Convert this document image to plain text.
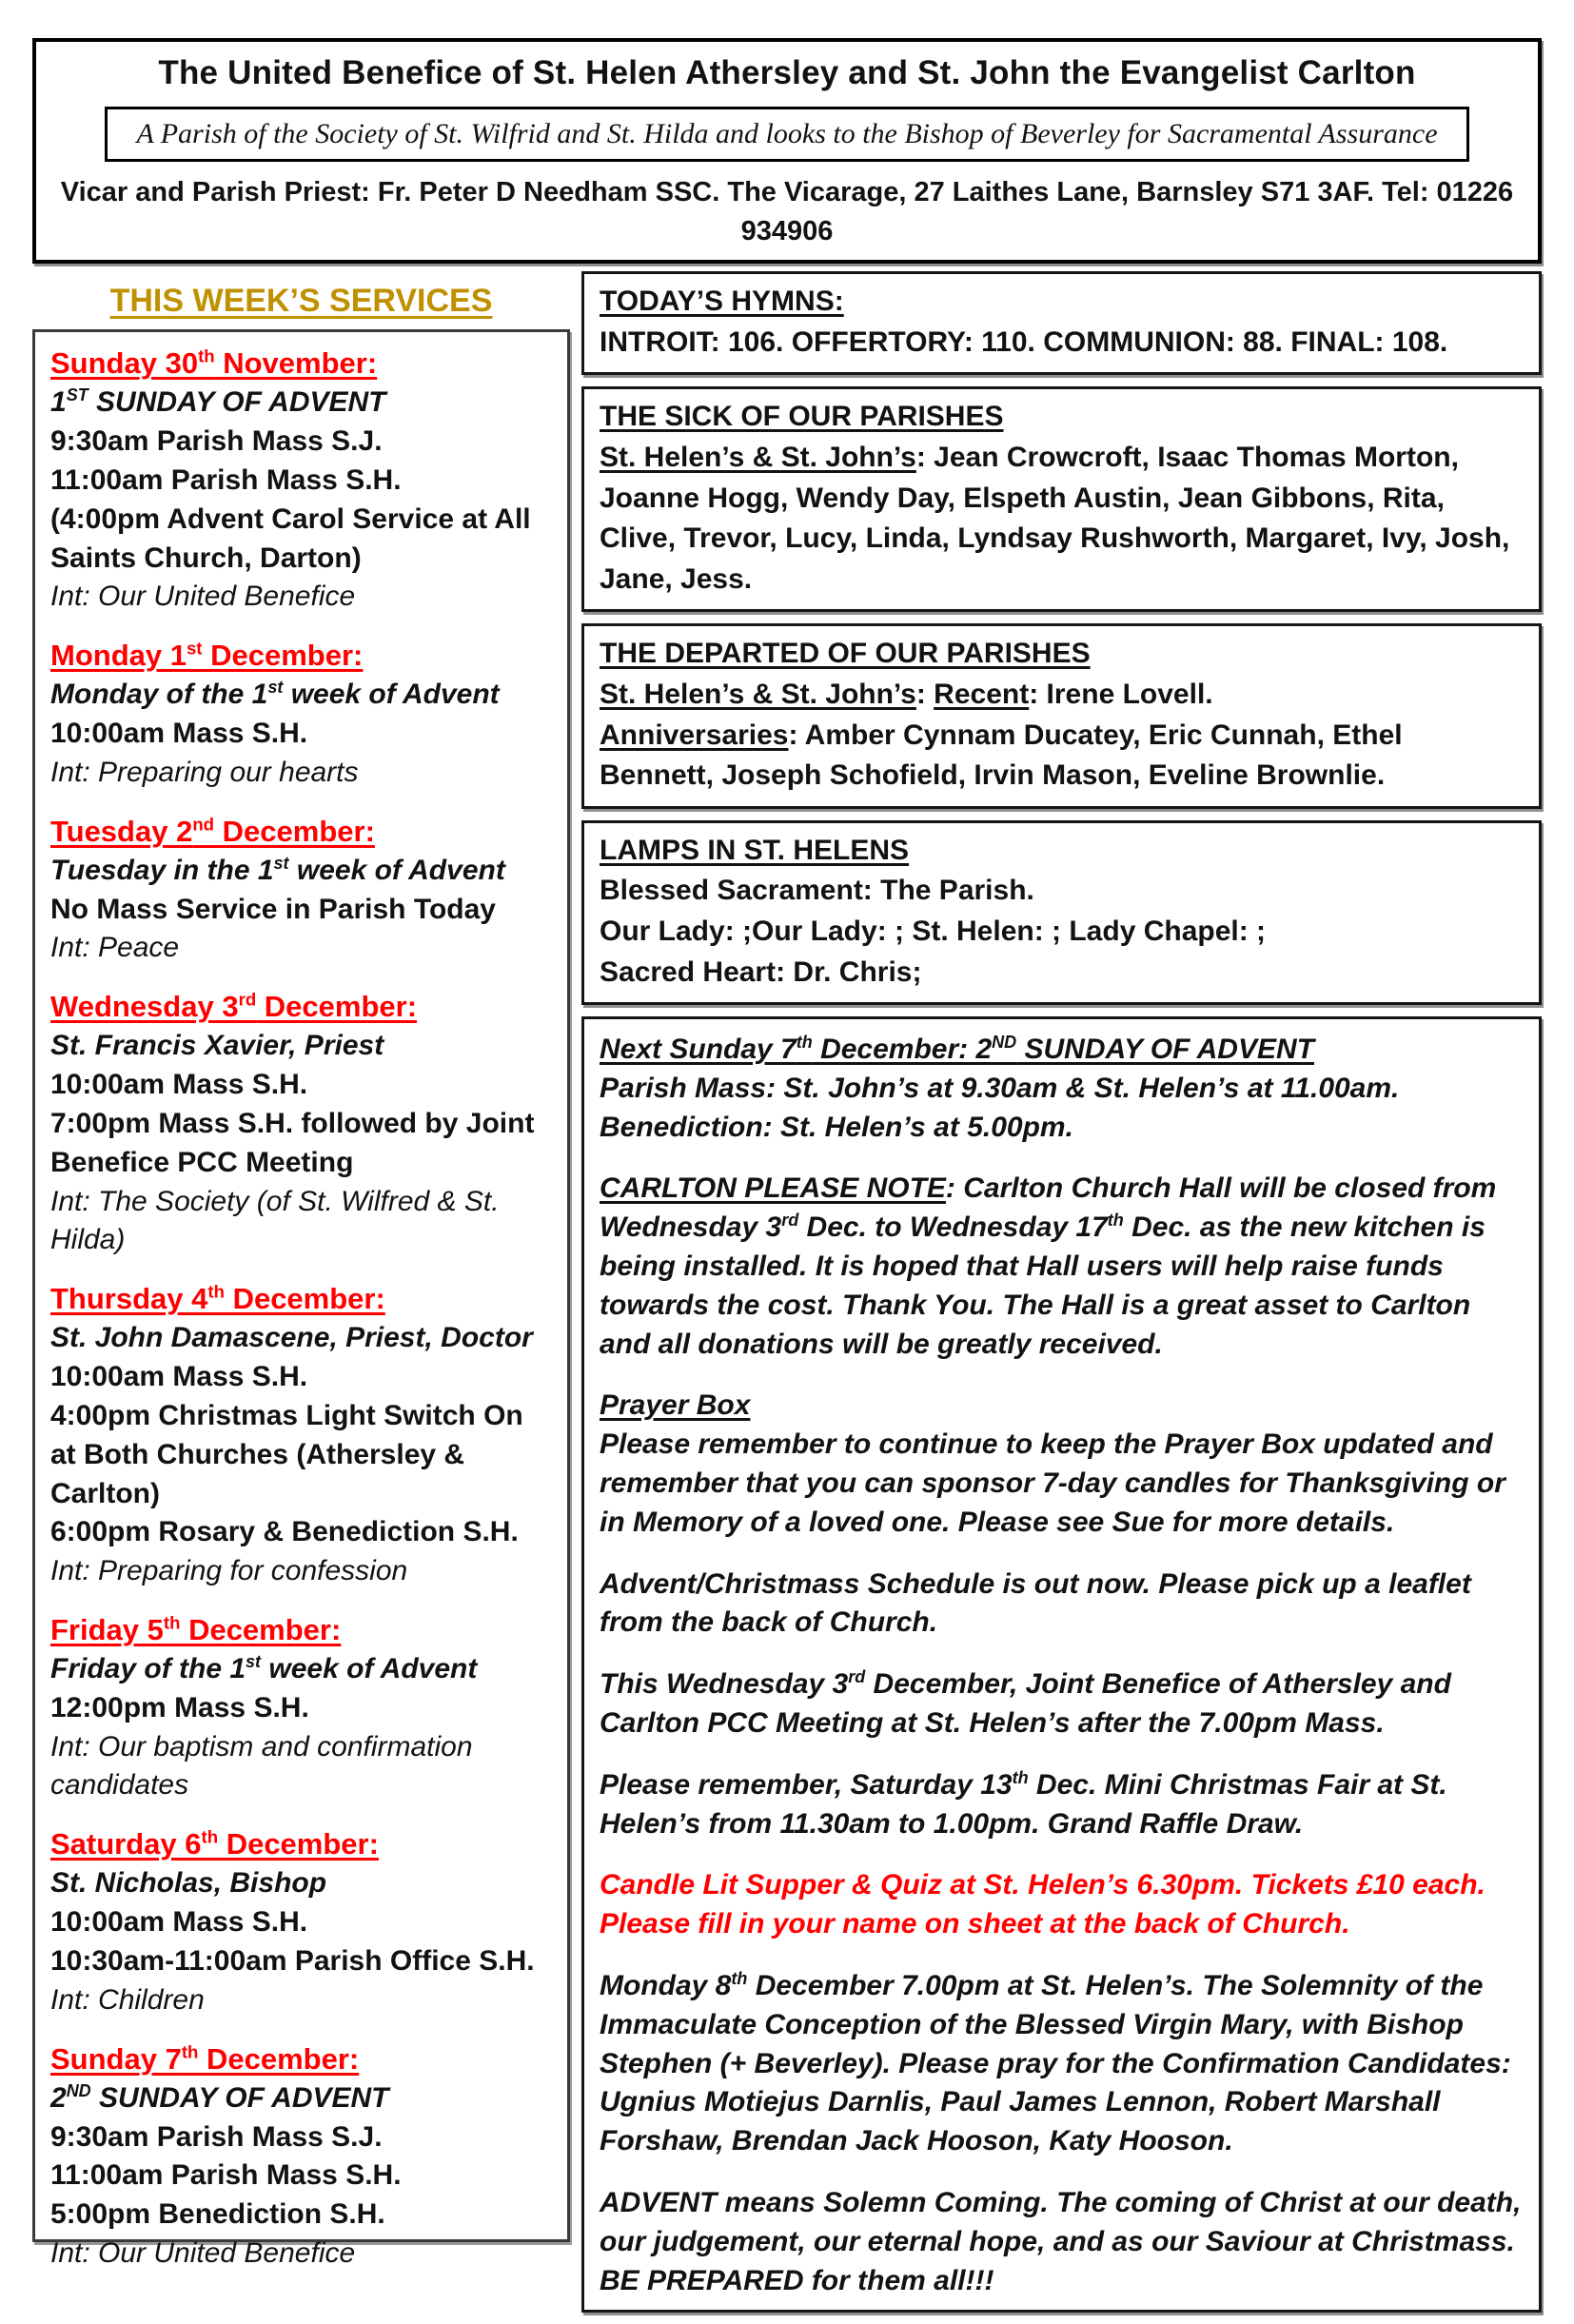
The United Benefice of St. Helen Athersley and St. John the Evangelist Carlton
A Parish of the Society of St. Wilfrid and St. Hilda and looks to the Bishop of Beverley for Sacramental Assurance
Vicar and Parish Priest: Fr. Peter D Needham SSC. The Vicarage, 27 Laithes Lane, Barnsley S71 3AF. Tel: 01226 934906
THIS WEEK’S SERVICES
Sunday 30th November:
1ST SUNDAY OF ADVENT
9:30am Parish Mass S.J.
11:00am Parish Mass S.H.
(4:00pm Advent Carol Service at All Saints Church, Darton)
Int: Our United Benefice
Monday 1st December:
Monday of the 1st week of Advent
10:00am Mass S.H.
Int: Preparing our hearts
Tuesday 2nd December:
Tuesday in the 1st week of Advent
No Mass Service in Parish Today
Int: Peace
Wednesday 3rd December:
St. Francis Xavier, Priest
10:00am Mass S.H.
7:00pm Mass S.H. followed by Joint Benefice PCC Meeting
Int: The Society (of St. Wilfred & St. Hilda)
Thursday 4th December:
St. John Damascene, Priest, Doctor
10:00am Mass S.H.
4:00pm Christmas Light Switch On at Both Churches (Athersley & Carlton)
6:00pm Rosary & Benediction S.H.
Int: Preparing for confession
Friday 5th December:
Friday of the 1st week of Advent
12:00pm Mass S.H.
Int: Our baptism and confirmation candidates
Saturday 6th December:
St. Nicholas, Bishop
10:00am Mass S.H.
10:30am-11:00am Parish Office S.H.
Int: Children
Sunday 7th December:
2ND SUNDAY OF ADVENT
9:30am Parish Mass S.J.
11:00am Parish Mass S.H.
5:00pm Benediction S.H.
Int: Our United Benefice
TODAY’S HYMNS:
INTROIT: 106. OFFERTORY: 110. COMMUNION: 88. FINAL: 108.
THE SICK OF OUR PARISHES
St. Helen’s & St. John’s: Jean Crowcroft, Isaac Thomas Morton, Joanne Hogg, Wendy Day, Elspeth Austin, Jean Gibbons, Rita, Clive, Trevor, Lucy, Linda, Lyndsay Rushworth, Margaret, Ivy, Josh, Jane, Jess.
THE DEPARTED OF OUR PARISHES
St. Helen’s & St. John’s: Recent: Irene Lovell.
Anniversaries: Amber Cynnam Ducatey, Eric Cunnah, Ethel Bennett, Joseph Schofield, Irvin Mason, Eveline Brownlie.
LAMPS IN ST. HELENS
Blessed Sacrament: The Parish.
Our Lady: ;Our Lady: ; St. Helen: ; Lady Chapel: ;
Sacred Heart: Dr. Chris;
Next Sunday 7th December: 2ND SUNDAY OF ADVENT
Parish Mass: St. John’s at 9.30am & St. Helen’s at 11.00am.
Benediction: St. Helen’s at 5.00pm.
CARLTON PLEASE NOTE: Carlton Church Hall will be closed from Wednesday 3rd Dec. to Wednesday 17th Dec. as the new kitchen is being installed. It is hoped that Hall users will help raise funds towards the cost. Thank You. The Hall is a great asset to Carlton and all donations will be greatly received.
Prayer Box
Please remember to continue to keep the Prayer Box updated and remember that you can sponsor 7-day candles for Thanksgiving or in Memory of a loved one. Please see Sue for more details.
Advent/Christmass Schedule is out now. Please pick up a leaflet from the back of Church.
This Wednesday 3rd December, Joint Benefice of Athersley and Carlton PCC Meeting at St. Helen’s after the 7.00pm Mass.
Please remember, Saturday 13th Dec. Mini Christmas Fair at St. Helen’s from 11.30am to 1.00pm. Grand Raffle Draw.
Candle Lit Supper & Quiz at St. Helen’s 6.30pm. Tickets £10 each. Please fill in your name on sheet at the back of Church.
Monday 8th December 7.00pm at St. Helen’s. The Solemnity of the Immaculate Conception of the Blessed Virgin Mary, with Bishop Stephen (+ Beverley). Please pray for the Confirmation Candidates: Ugnius Motiejus Darnlis, Paul James Lennon, Robert Marshall Forshaw, Brendan Jack Hooson, Katy Hooson.
ADVENT means Solemn Coming. The coming of Christ at our death, our judgement, our eternal hope, and as our Saviour at Christmass. BE PREPARED for them all!!!
